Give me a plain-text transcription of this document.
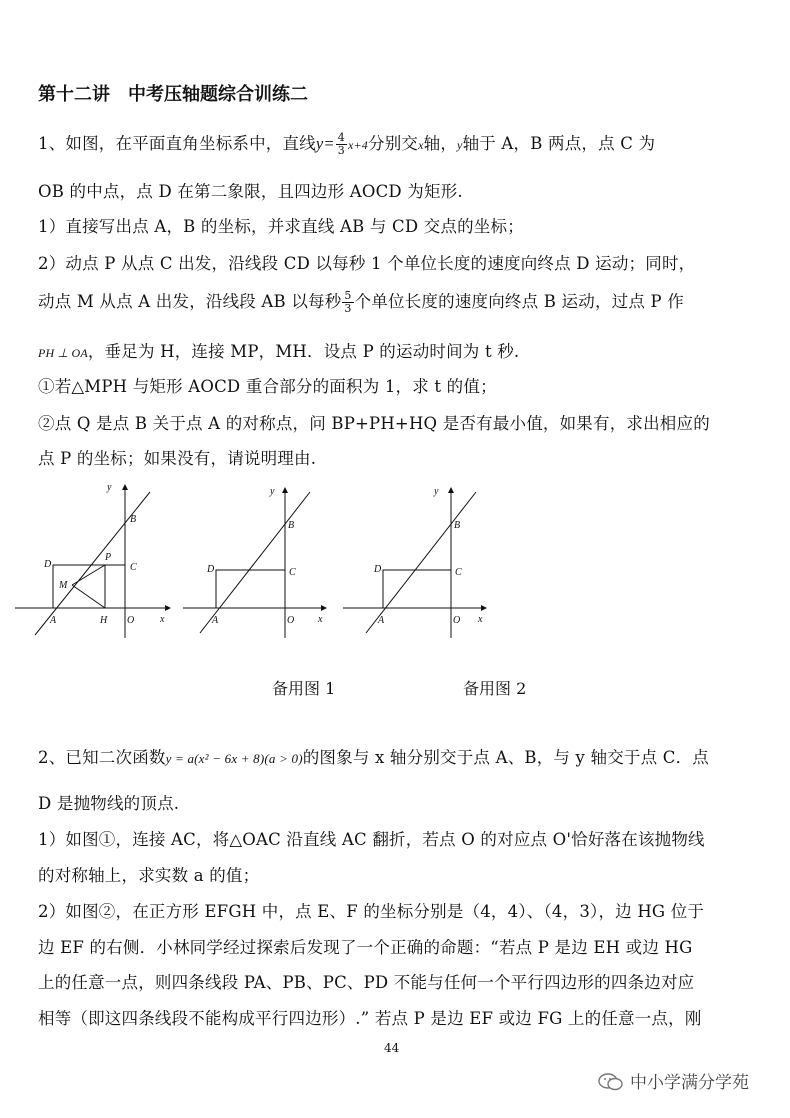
第十二讲　中考压轴题综合训练二
1、如图，在平面直角坐标系中，直线$y= \frac{4}{3} x+4$分别交x轴，y轴于 A，B 两点，点 C 为
OB 的中点，点 D 在第二象限，且四边形 AOCD 为矩形.
1）直接写出点 A，B 的坐标，并求直线 AB 与 CD 交点的坐标；
2）动点 P 从点 C 出发，沿线段 CD 以每秒 1 个单位长度的速度向终点 D 运动；同时，
动点 M 从点 A 出发，沿线段 AB 以每秒 $\frac{5}{3}$ 个单位长度的速度向终点 B 运动，过点 P 作
PH ⊥ OA，垂足为 H，连接 MP，MH．设点 P 的运动时间为 t 秒.
①若△MPH 与矩形 AOCD 重合部分的面积为 1，求 t 的值；
②点 Q 是点 B 关于点 A 的对称点，问 BP+PH+HQ 是否有最小值，如果有，求出相应的
点 P 的坐标；如果没有，请说明理由.
y
x
B
C
D
P
M
A	H O
y
x
B
C
D
A	O
y
x
B
C
D
A	O
备用图 1	备用图 2
2、已知二次函数y = a(x² − 6x + 8)(a > 0)的图象与 x 轴分别交于点 A、B，与 y 轴交于点 C．点
D 是抛物线的顶点.
1）如图①，连接 AC，将△OAC 沿直线 AC 翻折，若点 O 的对应点 O'恰好落在该抛物线
的对称轴上，求实数 a 的值；
2）如图②，在正方形 EFGH 中，点 E、F 的坐标分别是（4，4）、（4，3），边 HG 位于
边 EF 的右侧．小林同学经过探索后发现了一个正确的命题：“若点 P 是边 EH 或边 HG
上的任意一点，则四条线段 PA、PB、PC、PD 不能与任何一个平行四边形的四条边对应
相等（即这四条线段不能构成平行四边形）.” 若点 P 是边 EF 或边 FG 上的任意一点，刚
44
中小学满分学苑
